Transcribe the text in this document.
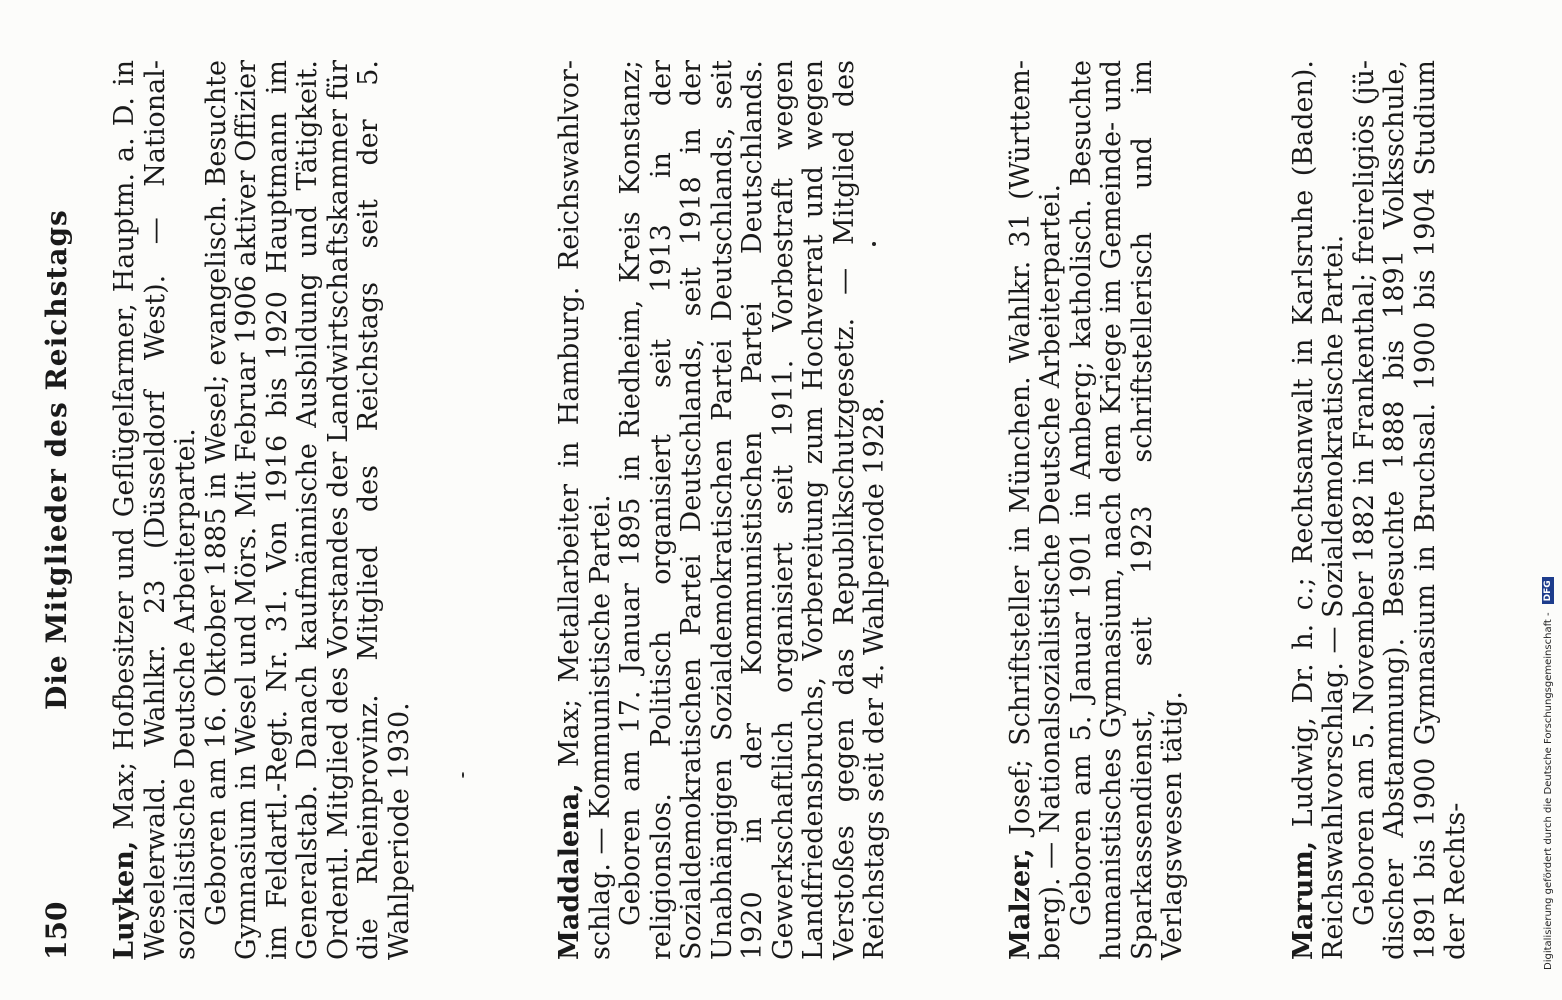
150
Die Mitglieder des Reichstags

Luyken, Max; Hofbesitzer und Geflügelfarmer, Hauptm. a. D. in Weselerwald. Wahlkr. 23 (Düsseldorf West). — Nationalsozialistische Deutsche Arbeiterpartei. Geboren am 16. Oktober 1885 in Wesel; evangelisch. Besuchte Gymnasium in Wesel und Mörs. Mit Februar 1906 aktiver Offizier im Feldartl.-Regt. Nr. 31. Von 1916 bis 1920 Hauptmann im Generalstab. Danach kaufmännische Ausbildung und Tätigkeit. Ordentl. Mitglied des Vorstandes der Landwirtschaftskammer für die Rheinprovinz. Mitglied des Reichstags seit der 5. Wahlperiode 1930.	Maddalena, Max; Metallarbeiter in Hamburg. Reichswahlvorschlag. — Kommunistische Partei. Geboren am 17. Januar 1895 in Riedheim, Kreis Konstanz; religionslos. Politisch organisiert seit 1913 in der Sozialdemokratischen Partei Deutschlands, seit 1918 in der Unabhängigen Sozialdemokratischen Partei Deutschlands, seit 1920 in der Kommunistischen Partei Deutschlands. Gewerkschaftlich organisiert seit 1911. Vorbestraft wegen Landfriedensbruchs, Vorbereitung zum Hochverrat und wegen Verstoßes gegen das Republikschutzgesetz. — Mitglied des Reichstags seit der 4. Wahlperiode 1928.	Malzer, Josef; Schriftsteller in München. Wahlkr. 31 (Württemberg). — Nationalsozialistische Deutsche Arbeiterpartei. Geboren am 5. Januar 1901 in Amberg; katholisch. Besuchte humanistisches Gymnasium, nach dem Kriege im Gemeinde- und Sparkassendienst, seit 1923 schriftstellerisch und im Verlagswesen tätig.	Marum, Ludwig, Dr. h. c.; Rechtsanwalt in Karlsruhe (Baden). Reichswahlvorschlag. — Sozialdemokratische Partei. Geboren am 5. November 1882 in Frankenthal; freireligiös (jüdischer Abstammung). Besuchte 1888 bis 1891 Volksschule, 1891 bis 1900 Gymnasium in Bruchsal. 1900 bis 1904 Studium der Rechts-	Digitalisierung gefördert durch die Deutsche Forschungsgemeinschaft -
DFG
